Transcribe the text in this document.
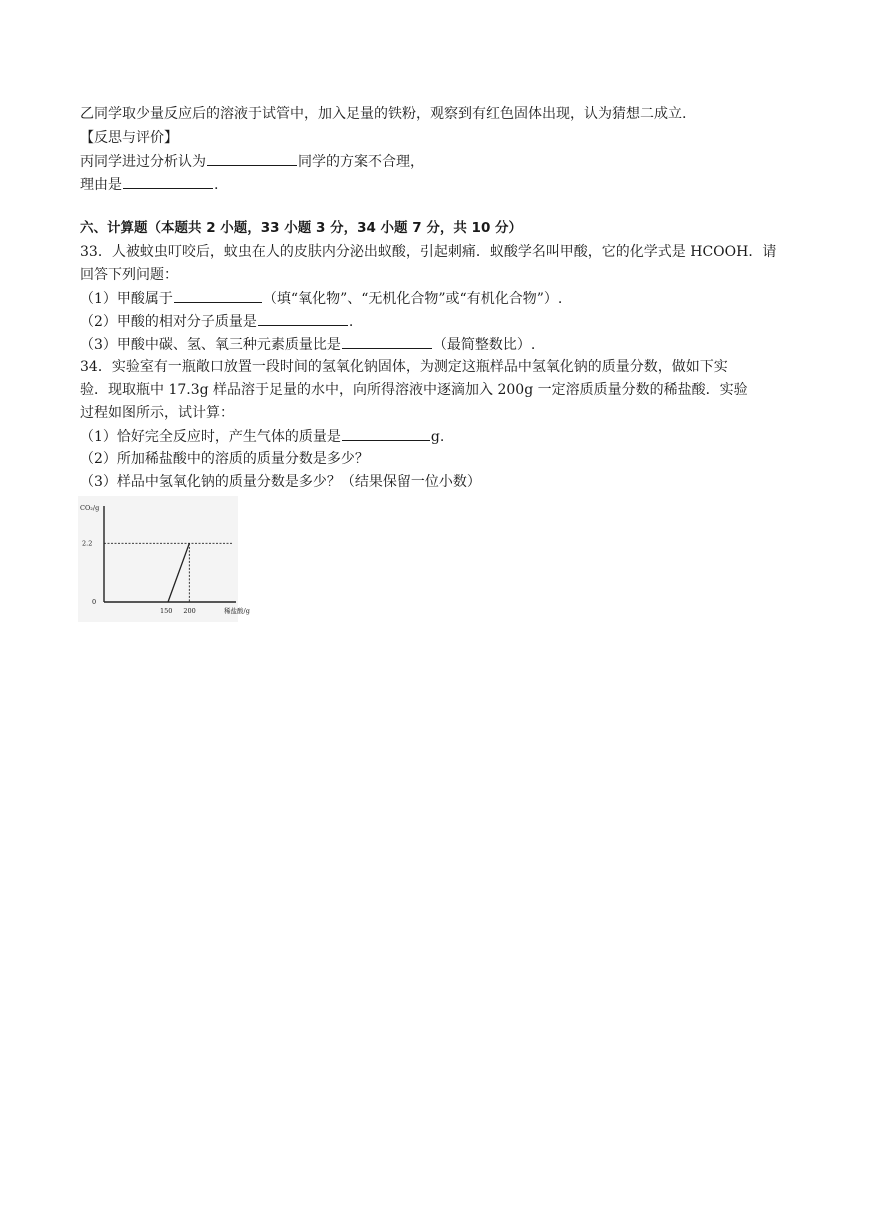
乙同学取少量反应后的溶液于试管中，加入足量的铁粉，观察到有红色固体出现，认为猜想二成立.
【反思与评价】
丙同学进过分析认为	同学的方案不合理，
理由是	.
六、计算题（本题共 2 小题，33 小题 3 分，34 小题 7 分，共 10 分）
33．人被蚊虫叮咬后，蚊虫在人的皮肤内分泌出蚁酸，引起刺痛．蚁酸学名叫甲酸，它的化学式是 HCOOH．请
回答下列问题：
（1）甲酸属于	（填“氧化物”、“无机化合物”或“有机化合物”）.
（2）甲酸的相对分子质量是	.
（3）甲酸中碳、氢、氧三种元素质量比是	（最简整数比）.
34．实验室有一瓶敞口放置一段时间的氢氧化钠固体，为测定这瓶样品中氢氧化钠的质量分数，做如下实
验．现取瓶中 17.3g 样品溶于足量的水中，向所得溶液中逐滴加入 200g 一定溶质质量分数的稀盐酸．实验
过程如图所示，试计算：
（1）恰好完全反应时，产生气体的质量是	g.
（2）所加稀盐酸中的溶质的质量分数是多少？
（3）样品中氢氧化钠的质量分数是多少？（结果保留一位小数）
CO₂/g
稀盐酸/g
0
2.2
150 200
